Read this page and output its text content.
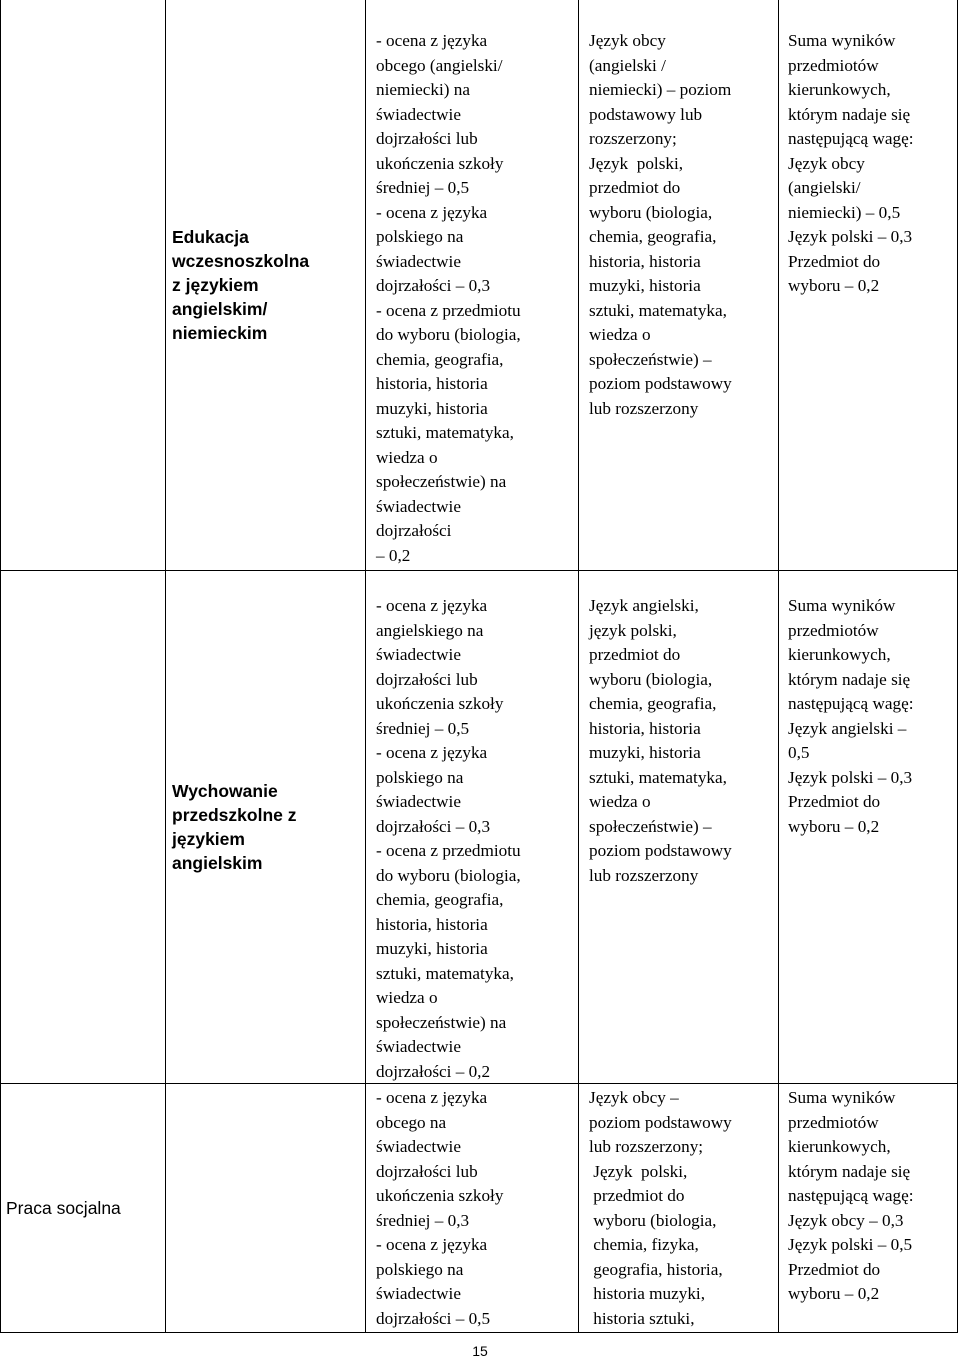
Edukacja
wczesnoszkolna
z językiem
angielskim/
niemieckim
- ocena z języka
obcego (angielski/
niemiecki) na
świadectwie
dojrzałości lub
ukończenia szkoły
średniej – 0,5
- ocena z języka
polskiego na
świadectwie
dojrzałości – 0,3
- ocena z przedmiotu
do wyboru (biologia,
chemia, geografia,
historia, historia
muzyki, historia
sztuki, matematyka,
wiedza o
społeczeństwie) na
świadectwie
dojrzałości
– 0,2
Język obcy
(angielski /
niemiecki) – poziom
podstawowy lub
rozszerzony;
Język  polski,
przedmiot do
wyboru (biologia,
chemia, geografia,
historia, historia
muzyki, historia
sztuki, matematyka,
wiedza o
społeczeństwie) –
poziom podstawowy
lub rozszerzony
Suma wyników
przedmiotów
kierunkowych,
którym nadaje się
następującą wagę:
Język obcy
(angielski/
niemiecki) – 0,5
Język polski – 0,3
Przedmiot do
wyboru – 0,2
Wychowanie
przedszkolne z
językiem
angielskim
- ocena z języka
angielskiego na
świadectwie
dojrzałości lub
ukończenia szkoły
średniej – 0,5
- ocena z języka
polskiego na
świadectwie
dojrzałości – 0,3
- ocena z przedmiotu
do wyboru (biologia,
chemia, geografia,
historia, historia
muzyki, historia
sztuki, matematyka,
wiedza o
społeczeństwie) na
świadectwie
dojrzałości – 0,2
Język angielski,
język polski,
przedmiot do
wyboru (biologia,
chemia, geografia,
historia, historia
muzyki, historia
sztuki, matematyka,
wiedza o
społeczeństwie) –
poziom podstawowy
lub rozszerzony
Suma wyników
przedmiotów
kierunkowych,
którym nadaje się
następującą wagę:
Język angielski –
0,5
Język polski – 0,3
Przedmiot do
wyboru – 0,2
Praca socjalna
- ocena z języka
obcego na
świadectwie
dojrzałości lub
ukończenia szkoły
średniej – 0,3
- ocena z języka
polskiego na
świadectwie
dojrzałości – 0,5
Język obcy –
poziom podstawowy
lub rozszerzony;
Język  polski,
przedmiot do
wyboru (biologia,
chemia, fizyka,
geografia, historia,
historia muzyki,
historia sztuki,
Suma wyników
przedmiotów
kierunkowych,
którym nadaje się
następującą wagę:
Język obcy – 0,3
Język polski – 0,5
Przedmiot do
wyboru – 0,2
15
